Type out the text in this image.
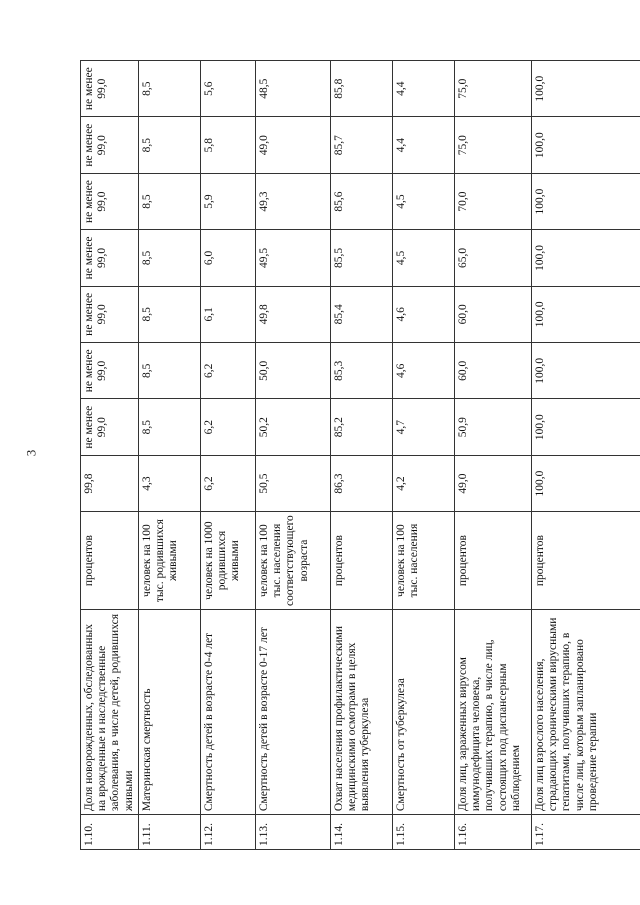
3
1.10.	Доля новорожденных, обследованных на врожденные и наследственные заболевания, в числе детей, родившихся живыми	процентов	99,8	не менее 99,0	не менее 99,0	не менее 99,0	не менее 99,0	не менее 99,0	не менее 99,0	не менее 99,0
1.11.	Материнская смертность	человек на 100 тыс. родившихся живыми	4,3	8,5	8,5	8,5	8,5	8,5	8,5	8,5
1.12.	Смертность детей в возрасте 0-4 лет	человек на 1000 родившихся живыми	6,2	6,2	6,2	6,1	6,0	5,9	5,8	5,6
1.13.	Смертность детей в возрасте 0-17 лет	человек на 100 тыс. населения соответствующего возраста	50,5	50,2	50,0	49,8	49,5	49,3	49,0	48,5
1.14.	Охват населения профилактическими медицинскими осмотрами в целях выявления туберкулеза	процентов	86,3	85,2	85,3	85,4	85,5	85,6	85,7	85,8
1.15.	Смертность от туберкулеза	человек на 100 тыс. населения	4,2	4,7	4,6	4,6	4,5	4,5	4,4	4,4
1.16.	Доля лиц, зараженных вирусом иммунодефицита человека, получивших терапию, в числе лиц, состоящих под диспансерным наблюдением	процентов	49,0	50,9	60,0	60,0	65,0	70,0	75,0	75,0
1.17.	Доля лиц взрослого населения, страдающих хроническими вирусными гепатитами, получивших терапию, в числе лиц, которым запланировано проведение терапии	процентов	100,0	100,0	100,0	100,0	100,0	100,0	100,0	100,0
